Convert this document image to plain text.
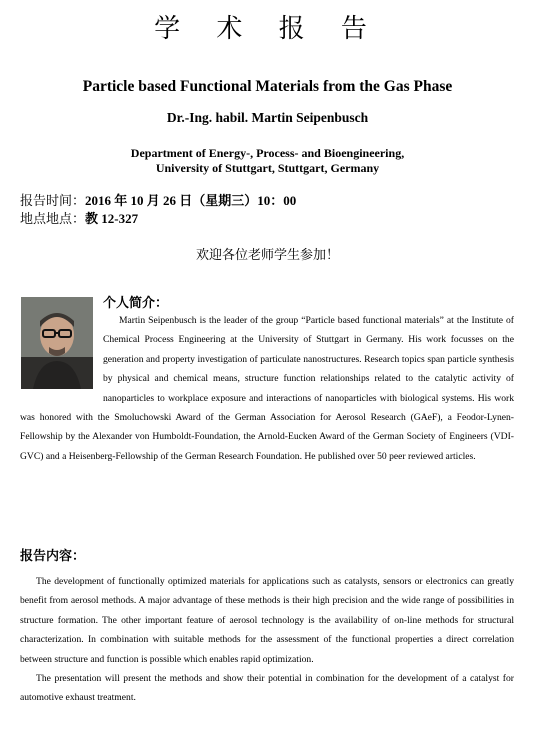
学 术 报 告
Particle based Functional Materials from the Gas Phase
Dr.-Ing. habil. Martin Seipenbusch
Department of Energy-, Process- and Bioengineering,
University of Stuttgart, Stuttgart, Germany
报告时间：2016 年 10 月 26 日（星期三）10：00
地点地点：教 12-327
欢迎各位老师学生参加！
个人简介：
Martin Seipenbusch is the leader of the group “Particle based functional materials” at the Institute of Chemical Process Engineering at the University of Stuttgart in Germany. His work focusses on the generation and property investigation of particulate nanostructures. Research topics span particle synthesis by physical and chemical means, structure function relationships related to the catalytic activity of nanoparticles to workplace exposure and interactions of nanoparticles with biological systems. His work was honored with the Smoluchowski Award of the German Association for Aerosol Research (GAeF), a Feodor-Lynen-Fellowship by the Alexander von Humboldt-Foundation, the Arnold-Eucken Award of the German Society of Engineers (VDI-GVC) and a Heisenberg-Fellowship of the German Research Foundation. He published over 50 peer reviewed articles.
报告内容：

The development of functionally optimized materials for applications such as catalysts, sensors or electronics can greatly benefit from aerosol methods. A major advantage of these methods is their high precision and the wide range of possibilities in structure formation. The other important feature of aerosol technology is the availability of on-line methods for structural characterization. In combination with suitable methods for the assessment of the functional properties a direct correlation between structure and function is possible which enables rapid optimization.

The presentation will present the methods and show their potential in combination for the development of a catalyst for automotive exhaust treatment.
